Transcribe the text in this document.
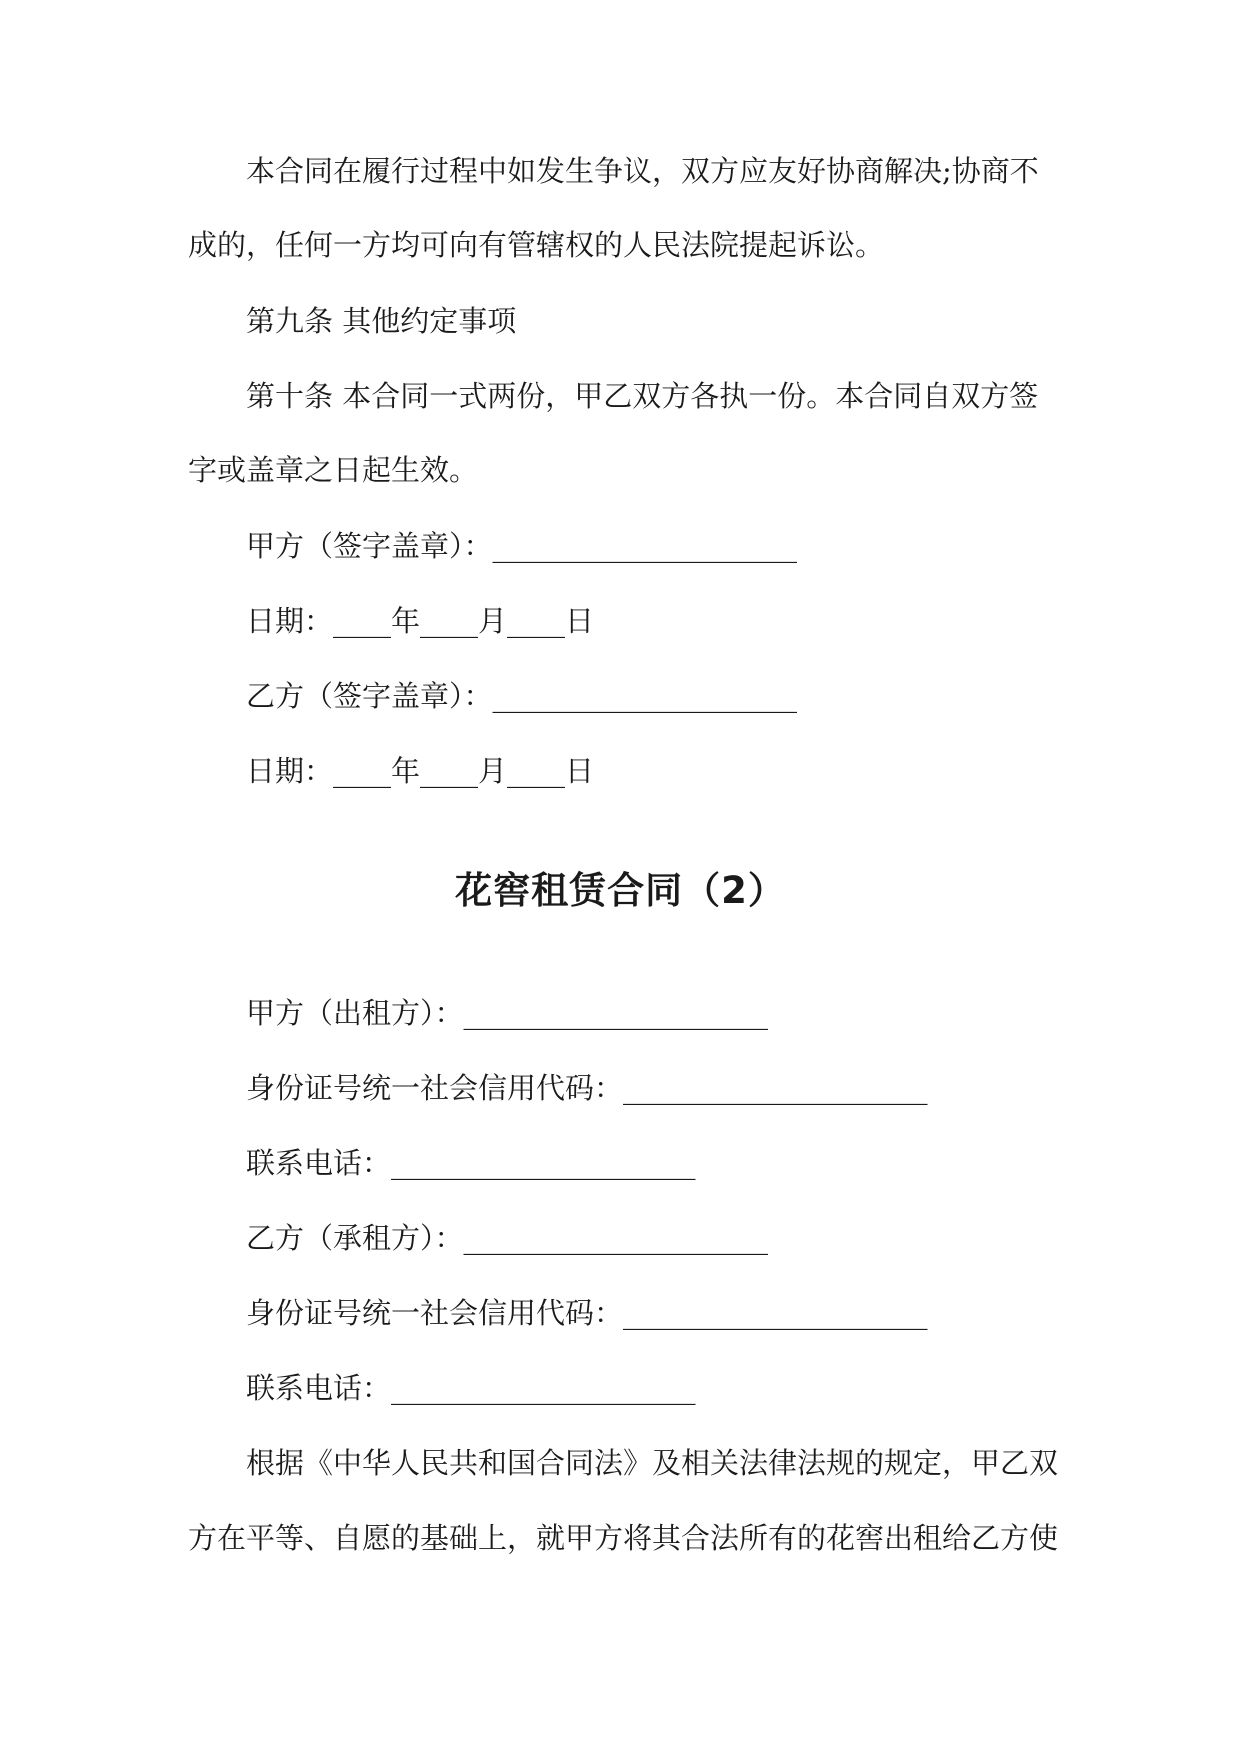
本合同在履行过程中如发生争议，双方应友好协商解决;协商不
成的，任何一方均可向有管辖权的人民法院提起诉讼。
第九条 其他约定事项
第十条 本合同一式两份，甲乙双方各执一份。本合同自双方签
字或盖章之日起生效。
甲方（签字盖章）：_____________________
日期：____年____月____日
乙方（签字盖章）：_____________________
日期：____年____月____日
花窖租赁合同（2）
甲方（出租方）：_____________________
身份证号统一社会信用代码：_____________________
联系电话：_____________________
乙方（承租方）：_____________________
身份证号统一社会信用代码：_____________________
联系电话：_____________________
根据《中华人民共和国合同法》及相关法律法规的规定，甲乙双
方在平等、自愿的基础上，就甲方将其合法所有的花窖出租给乙方使
